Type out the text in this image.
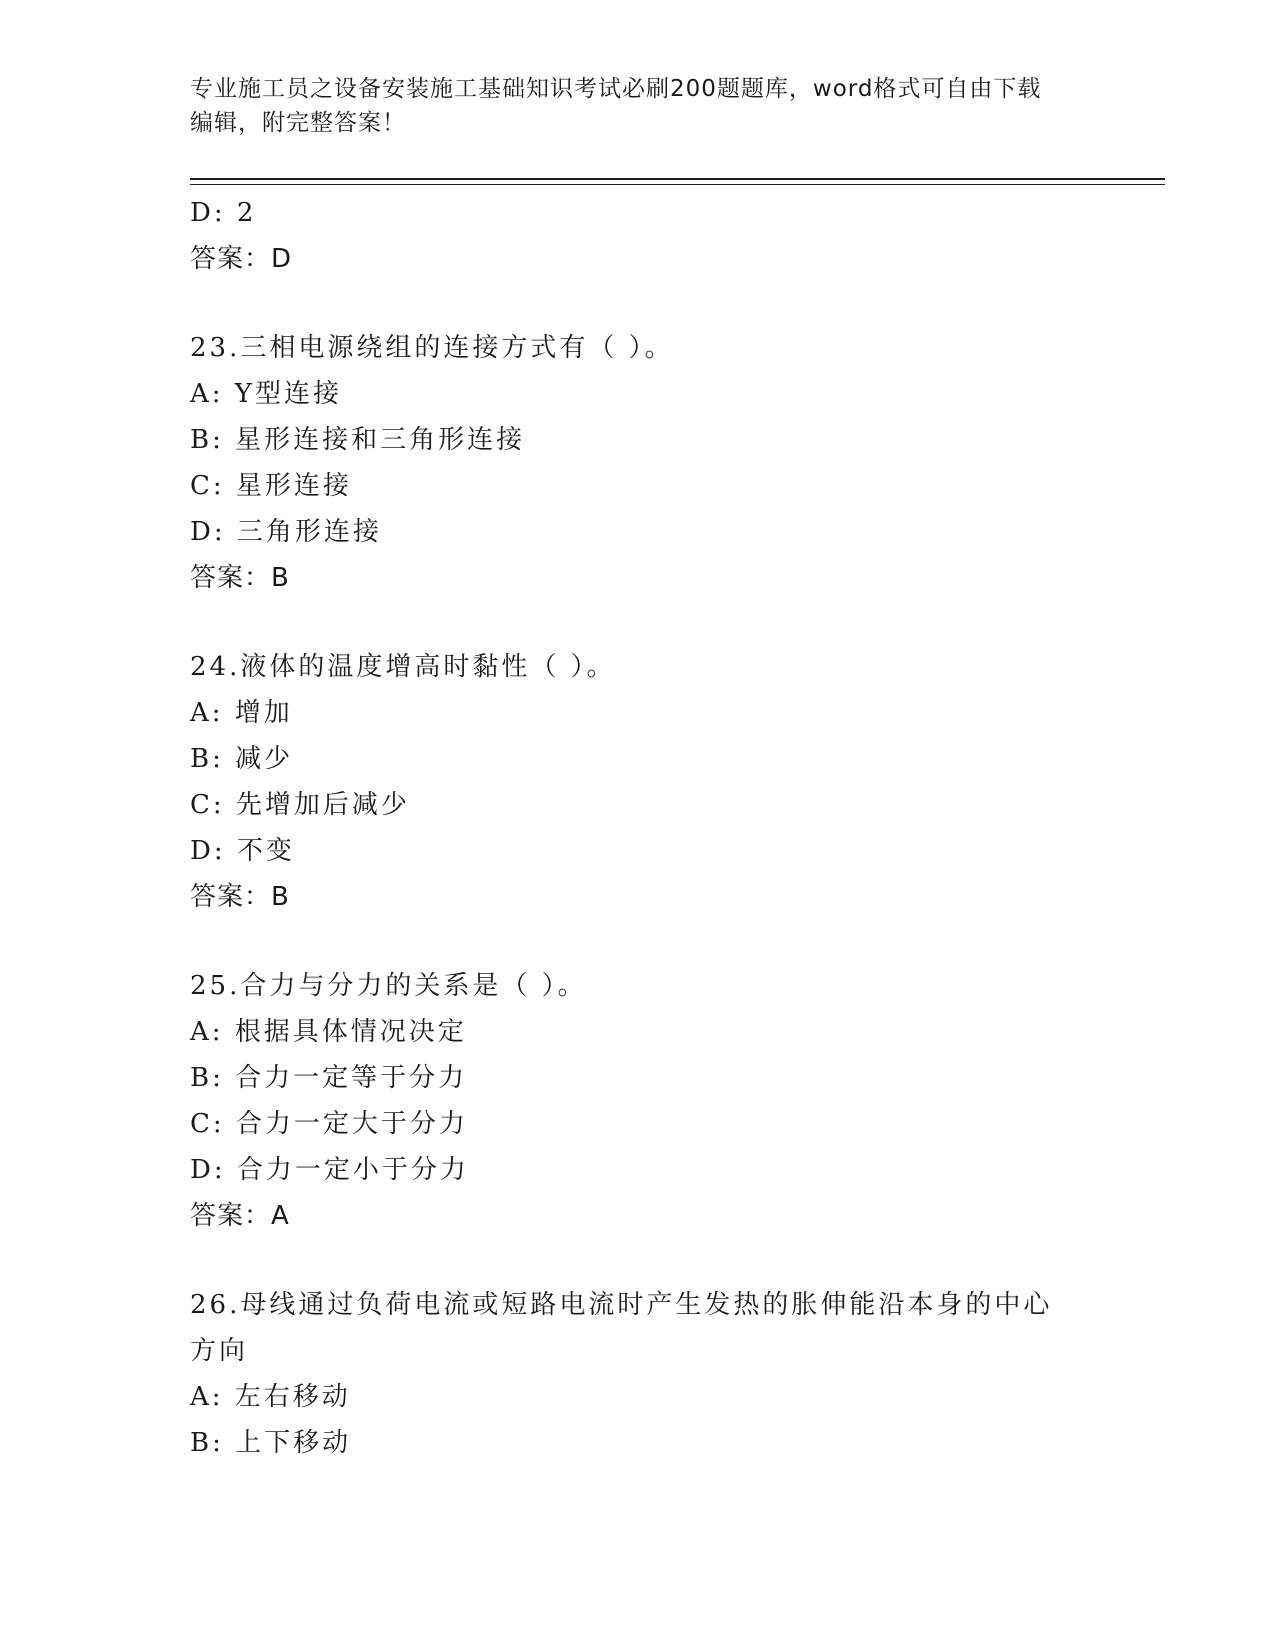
专业施工员之设备安装施工基础知识考试必刷200题题库，word格式可自由下载
编辑，附完整答案！
D: 2
答案：D
23.三相电源绕组的连接方式有（ ）。
A: Y型连接
B: 星形连接和三角形连接
C: 星形连接
D: 三角形连接
答案：B
24.液体的温度增高时黏性（ ）。
A: 增加
B: 减少
C: 先增加后减少
D: 不变
答案：B
25.合力与分力的关系是（ ）。
A: 根据具体情况决定
B: 合力一定等于分力
C: 合力一定大于分力
D: 合力一定小于分力
答案：A
26.母线通过负荷电流或短路电流时产生发热的胀伸能沿本身的中心方向
A: 左右移动
B: 上下移动
